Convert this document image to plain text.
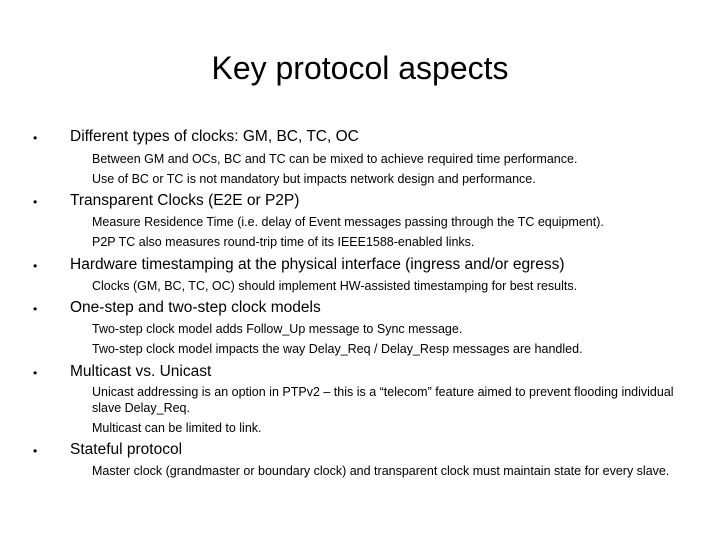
Key protocol aspects
• Different types of clocks: GM, BC, TC, OC
Between GM and OCs, BC and TC can be mixed to achieve required time performance.
Use of BC or TC is not mandatory but impacts network design and performance.
• Transparent Clocks (E2E or P2P)
Measure Residence Time (i.e. delay of Event messages passing through the TC equipment).
P2P TC also measures round-trip time of its IEEE1588-enabled links.
• Hardware timestamping at the physical interface (ingress and/or egress)
Clocks (GM, BC, TC, OC) should implement HW-assisted timestamping for best results.
• One-step and two-step clock models
Two-step clock model adds Follow_Up message to Sync message.
Two-step clock model impacts the way Delay_Req / Delay_Resp messages are handled.
• Multicast vs. Unicast
Unicast addressing is an option in PTPv2 – this is a “telecom” feature aimed to prevent flooding individual slave Delay_Req.
Multicast can be limited to link.
• Stateful protocol
Master clock (grandmaster or boundary clock) and transparent clock must maintain state for every slave.
